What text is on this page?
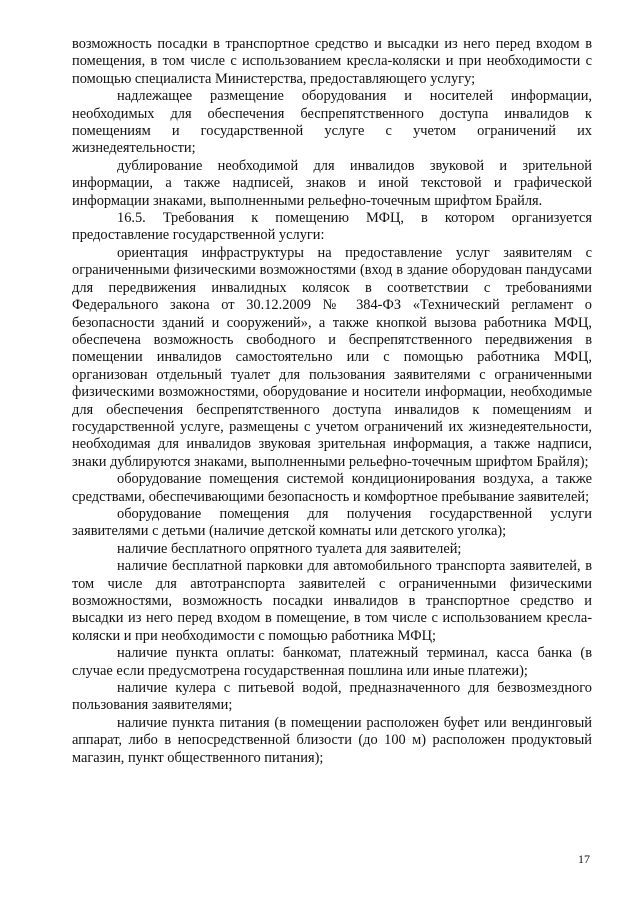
возможность посадки в транспортное средство и высадки из него перед входом в помещения, в том числе с использованием кресла-коляски и при необходимости с помощью специалиста Министерства, предоставляющего услугу;

надлежащее размещение оборудования и носителей информации, необходимых для обеспечения беспрепятственного доступа инвалидов к помещениям и государственной услуге с учетом ограничений их жизнедеятельности;

дублирование необходимой для инвалидов звуковой и зрительной информации, а также надписей, знаков и иной текстовой и графической информации знаками, выполненными рельефно-точечным шрифтом Брайля.

16.5. Требования к помещению МФЦ, в котором организуется предоставление государственной услуги:

ориентация инфраструктуры на предоставление услуг заявителям с ограниченными физическими возможностями (вход в здание оборудован пандусами для передвижения инвалидных колясок в соответствии с требованиями Федерального закона от 30.12.2009 № 384-ФЗ «Технический регламент о безопасности зданий и сооружений», а также кнопкой вызова работника МФЦ, обеспечена возможность свободного и беспрепятственного передвижения в помещении инвалидов самостоятельно или с помощью работника МФЦ, организован отдельный туалет для пользования заявителями с ограниченными физическими возможностями, оборудование и носители информации, необходимые для обеспечения беспрепятственного доступа инвалидов к помещениям и государственной услуге, размещены с учетом ограничений их жизнедеятельности, необходимая для инвалидов звуковая зрительная информация, а также надписи, знаки дублируются знаками, выполненными рельефно-точечным шрифтом Брайля);

оборудование помещения системой кондиционирования воздуха, а также средствами, обеспечивающими безопасность и комфортное пребывание заявителей;

оборудование помещения для получения государственной услуги заявителями с детьми (наличие детской комнаты или детского уголка);

наличие бесплатного опрятного туалета для заявителей;

наличие бесплатной парковки для автомобильного транспорта заявителей, в том числе для автотранспорта заявителей с ограниченными физическими возможностями, возможность посадки инвалидов в транспортное средство и высадки из него перед входом в помещение, в том числе с использованием кресла-коляски и при необходимости с помощью работника МФЦ;

наличие пункта оплаты: банкомат, платежный терминал, касса банка (в случае если предусмотрена государственная пошлина или иные платежи);

наличие кулера с питьевой водой, предназначенного для безвозмездного пользования заявителями;

наличие пункта питания (в помещении расположен буфет или вендинговый аппарат, либо в непосредственной близости (до 100 м) расположен продуктовый магазин, пункт общественного питания);

17
